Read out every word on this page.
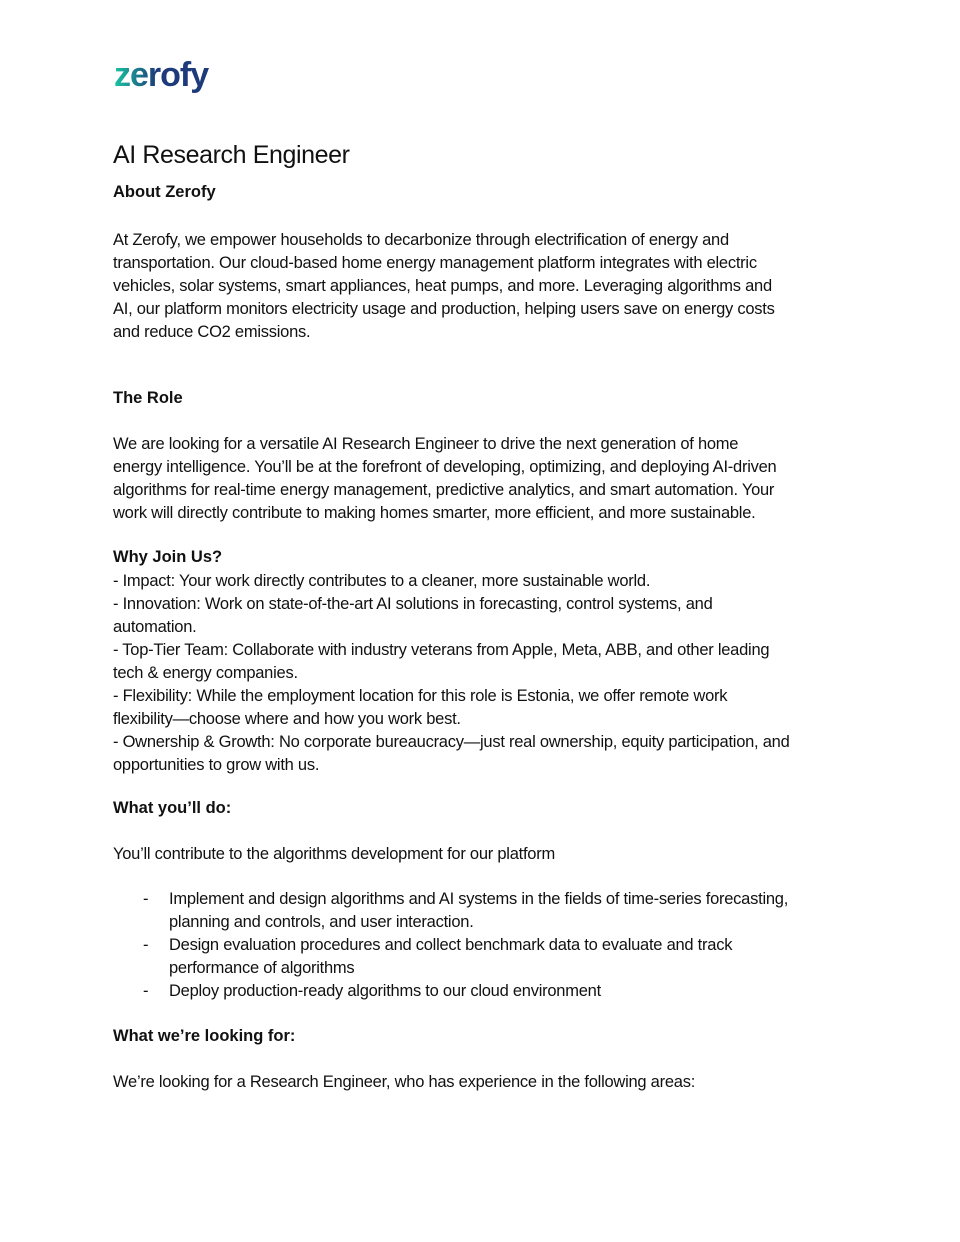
zerofy
AI Research Engineer
About Zerofy
At Zerofy, we empower households to decarbonize through electrification of energy and
transportation. Our cloud-based home energy management platform integrates with electric
vehicles, solar systems, smart appliances, heat pumps, and more. Leveraging algorithms and
AI, our platform monitors electricity usage and production, helping users save on energy costs
and reduce CO2 emissions.
The Role
We are looking for a versatile AI Research Engineer to drive the next generation of home
energy intelligence. You’ll be at the forefront of developing, optimizing, and deploying AI-driven
algorithms for real-time energy management, predictive analytics, and smart automation. Your
work will directly contribute to making homes smarter, more efficient, and more sustainable.
Why Join Us?
- Impact: Your work directly contributes to a cleaner, more sustainable world.
- Innovation: Work on state-of-the-art AI solutions in forecasting, control systems, and
automation.
- Top-Tier Team: Collaborate with industry veterans from Apple, Meta, ABB, and other leading
tech & energy companies.
- Flexibility: While the employment location for this role is Estonia, we offer remote work
flexibility—choose where and how you work best.
- Ownership & Growth: No corporate bureaucracy—just real ownership, equity participation, and
opportunities to grow with us.
What you’ll do:
You’ll contribute to the algorithms development for our platform
- Implement and design algorithms and AI systems in the fields of time-series forecasting,
planning and controls, and user interaction.
- Design evaluation procedures and collect benchmark data to evaluate and track
performance of algorithms
- Deploy production-ready algorithms to our cloud environment
What we’re looking for:
We’re looking for a Research Engineer, who has experience in the following areas:
